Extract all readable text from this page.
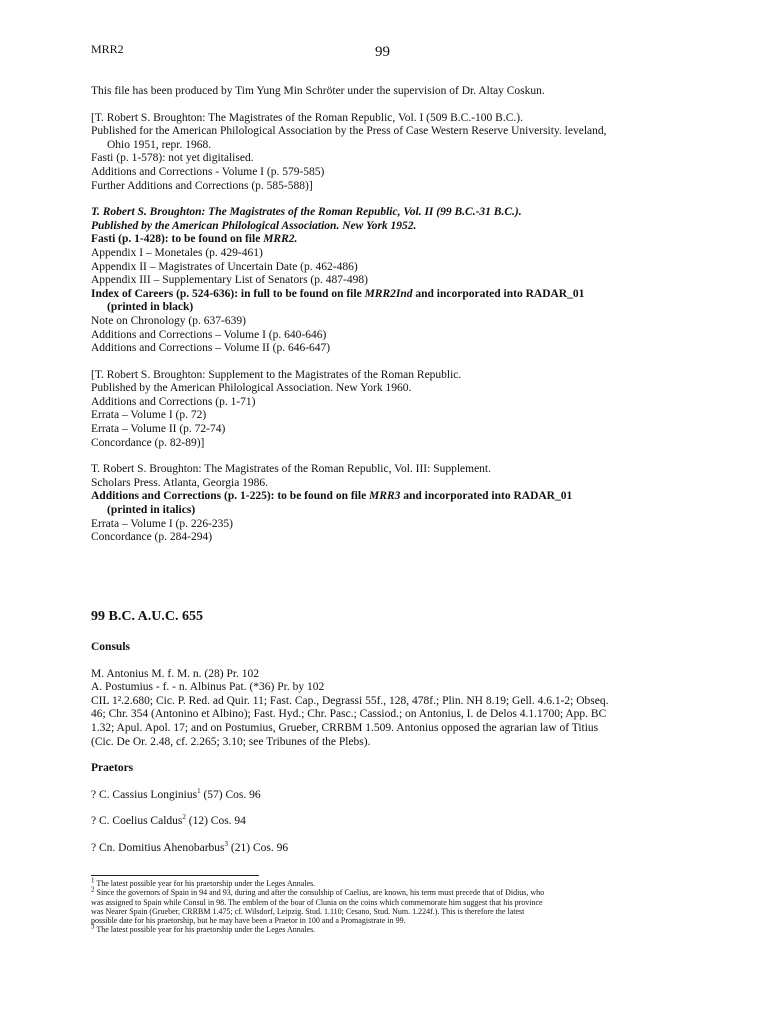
MRR2	99

This file has been produced by Tim Yung Min Schröter under the supervision of Dr. Altay Coskun.

[T. Robert S. Broughton: The Magistrates of the Roman Republic, Vol. I (509 B.C.-100 B.C.).

Published for the American Philological Association by the Press of Case Western Reserve University. leveland,

Ohio 1951, repr. 1968.

Fasti (p. 1-578): not yet digitalised.

Additions and Corrections - Volume I (p. 579-585)

Further Additions and Corrections (p. 585-588)]

T. Robert S. Broughton: The Magistrates of the Roman Republic, Vol. II (99 B.C.-31 B.C.).

Published by the American Philological Association. New York 1952.

Fasti (p. 1-428): to be found on file MRR2.

Appendix I – Monetales (p. 429-461)

Appendix II – Magistrates of Uncertain Date (p. 462-486)

Appendix III – Supplementary List of Senators (p. 487-498)

Index of Careers (p. 524-636): in full to be found on file MRR2Ind and incorporated into RADAR_01

(printed in black)

Note on Chronology (p. 637-639)

Additions and Corrections – Volume I (p. 640-646)

Additions and Corrections – Volume II (p. 646-647)

[T. Robert S. Broughton: Supplement to the Magistrates of the Roman Republic.

Published by the American Philological Association. New York 1960.

Additions and Corrections (p. 1-71)

Errata – Volume I (p. 72)

Errata – Volume II (p. 72-74)

Concordance (p. 82-89)]

T. Robert S. Broughton: The Magistrates of the Roman Republic, Vol. III: Supplement.

Scholars Press. Atlanta, Georgia 1986.

Additions and Corrections (p. 1-225): to be found on file MRR3 and incorporated into RADAR_01

(printed in italics)

Errata – Volume I (p. 226-235)

Concordance (p. 284-294)

99 B.C. A.U.C. 655

Consuls

M. Antonius M. f. M. n. (28) Pr. 102

A. Postumius - f. - n. Albinus Pat. (*36) Pr. by 102

CIL 1².2.680; Cic. P. Red. ad Quir. 11; Fast. Cap., Degrassi 55f., 128, 478f.; Plin. NH 8.19; Gell. 4.6.1-2; Obseq.

46; Chr. 354 (Antonino et Albino); Fast. Hyd.; Chr. Pasc.; Cassiod.; on Antonius, I. de Delos 4.1.1700; App. BC

1.32; Apul. Apol. 17; and on Postumius, Grueber, CRRBM 1.509. Antonius opposed the agrarian law of Titius

(Cic. De Or. 2.48, cf. 2.265; 3.10; see Tribunes of the Plebs).

Praetors

? C. Cassius Longinius$^1$ (57) Cos. 96

? C. Coelius Caldus$^2$ (12) Cos. 94

? Cn. Domitius Ahenobarbus$^3$ (21) Cos. 96

$^1$ The latest possible year for his praetorship under the Leges Annales.

$^2$ Since the governors of Spain in 94 and 93, during and after the consulship of Caelius, are known, his term must precede that of Didius, who

was assigned to Spain while Consul in 98. The emblem of the boar of Clunia on the coins which commemorate him suggest that his province

was Nearer Spain (Grueber, CRRBM 1.475; cf. Wilsdorf, Leipzig. Stud. 1.110; Cesano, Stud. Num. 1.224f.). This is therefore the latest

possible date for his praetorship, but he may have been a Praetor in 100 and a Promagistrate in 99.

$^3$ The latest possible year for his praetorship under the Leges Annales.
